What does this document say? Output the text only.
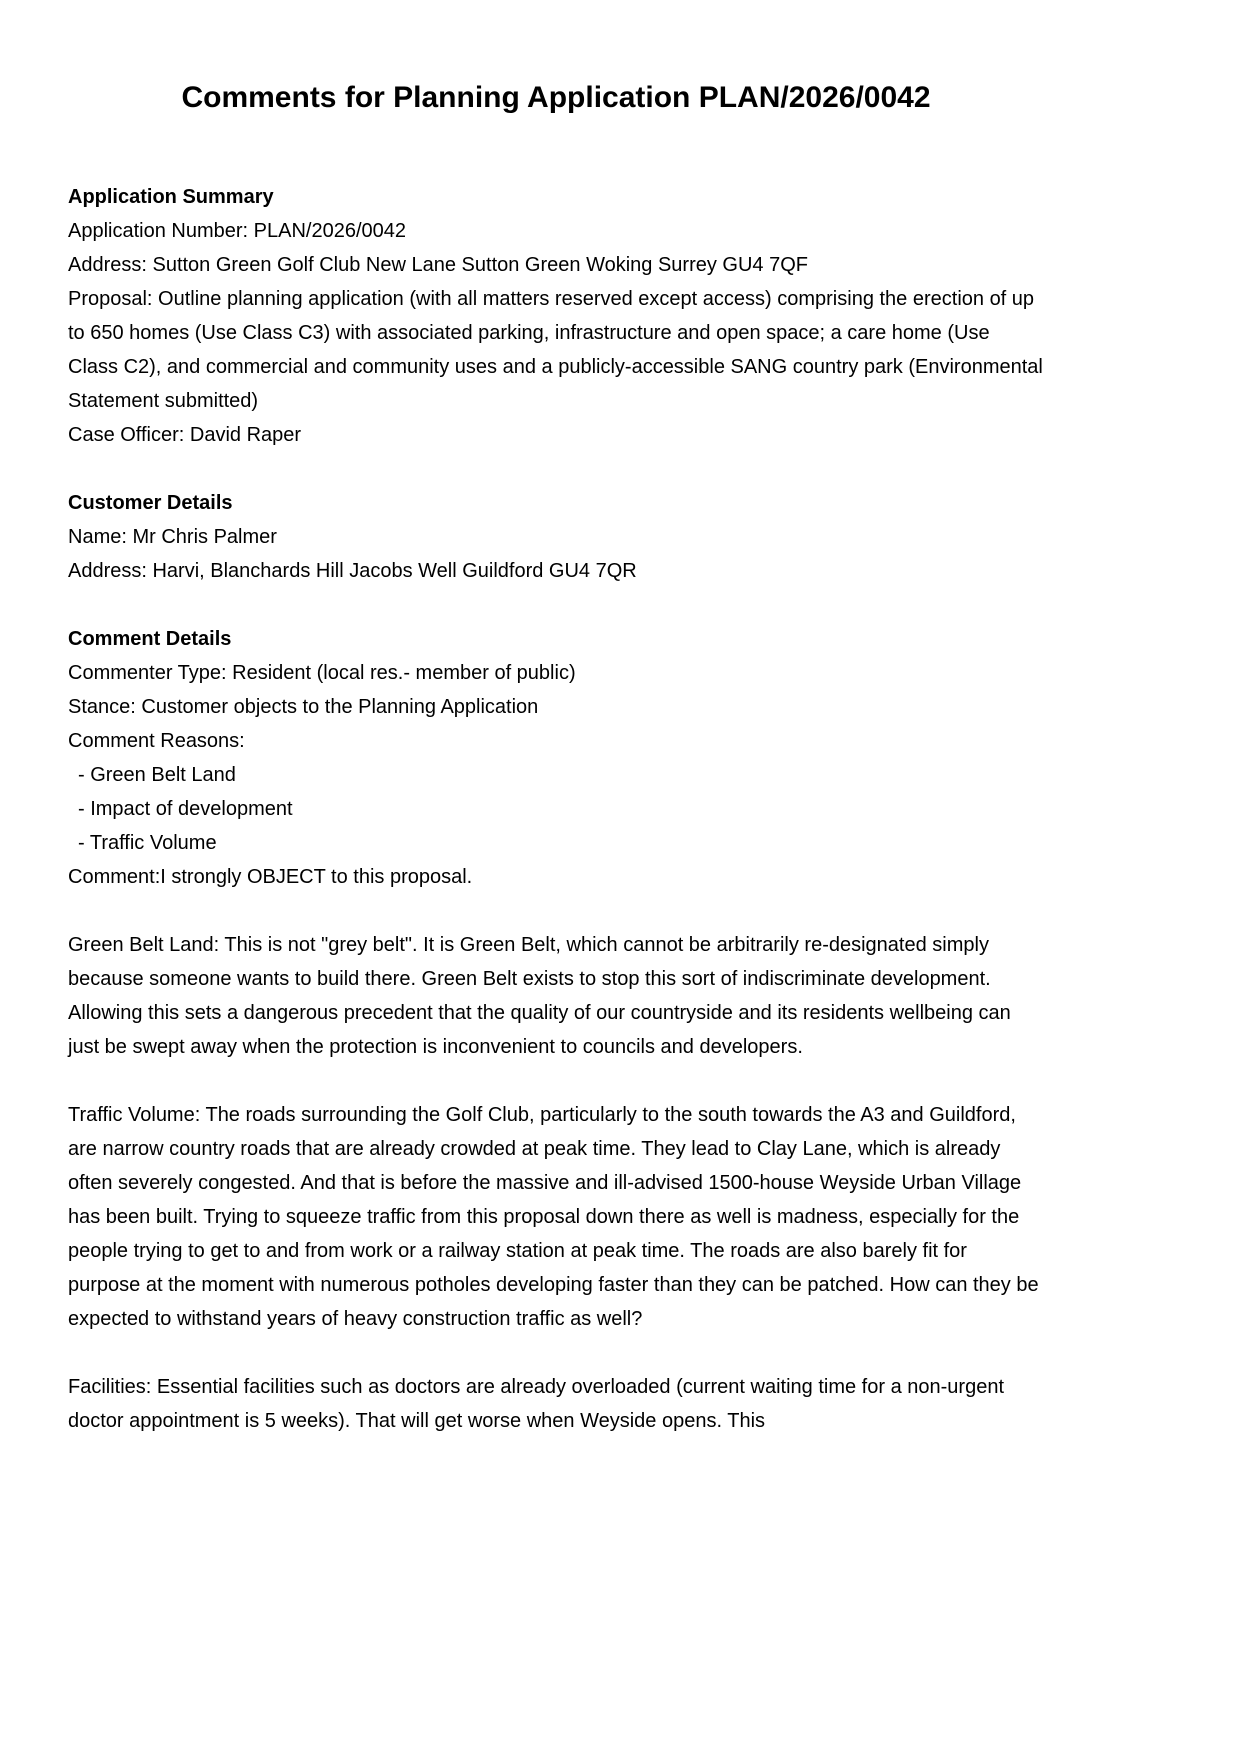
Comments for Planning Application PLAN/2026/0042
Application Summary

Application Number: PLAN/2026/0042

Address: Sutton Green Golf Club New Lane Sutton Green Woking Surrey GU4 7QF

Proposal: Outline planning application (with all matters reserved except access) comprising the erection of up to 650 homes (Use Class C3) with associated parking, infrastructure and open space; a care home (Use Class C2), and commercial and community uses and a publicly-accessible SANG country park (Environmental Statement submitted)

Case Officer: David Raper

Customer Details

Name: Mr Chris Palmer

Address: Harvi, Blanchards Hill Jacobs Well Guildford GU4 7QR

Comment Details

Commenter Type: Resident (local res.- member of public)

Stance: Customer objects to the Planning Application

Comment Reasons:

- Green Belt Land

- Impact of development

- Traffic Volume

Comment:I strongly OBJECT to this proposal.

Green Belt Land: This is not "grey belt". It is Green Belt, which cannot be arbitrarily re-designated simply because someone wants to build there. Green Belt exists to stop this sort of indiscriminate development. Allowing this sets a dangerous precedent that the quality of our countryside and its residents wellbeing can just be swept away when the protection is inconvenient to councils and developers.

Traffic Volume: The roads surrounding the Golf Club, particularly to the south towards the A3 and Guildford, are narrow country roads that are already crowded at peak time. They lead to Clay Lane, which is already often severely congested. And that is before the massive and ill-advised 1500-house Weyside Urban Village has been built. Trying to squeeze traffic from this proposal down there as well is madness, especially for the people trying to get to and from work or a railway station at peak time. The roads are also barely fit for purpose at the moment with numerous potholes developing faster than they can be patched. How can they be expected to withstand years of heavy construction traffic as well?

Facilities: Essential facilities such as doctors are already overloaded (current waiting time for a non-urgent doctor appointment is 5 weeks). That will get worse when Weyside opens. This
